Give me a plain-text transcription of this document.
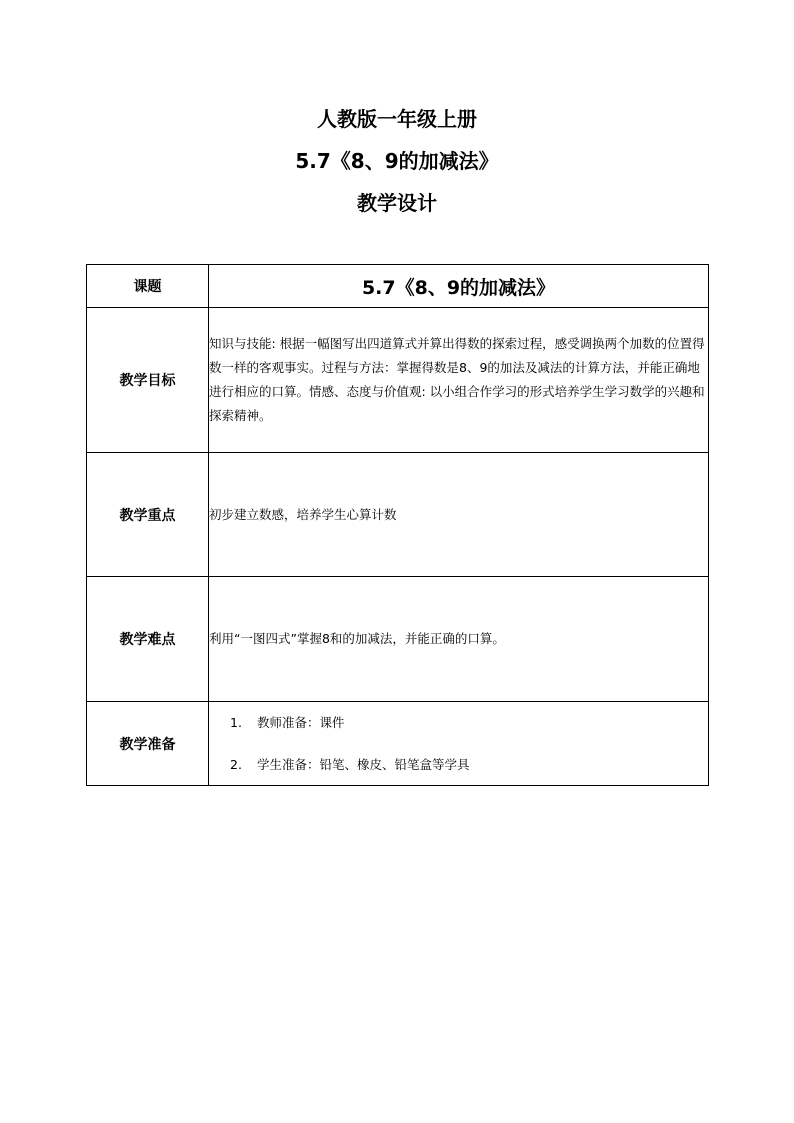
人教版一年级上册
5.7《8、9的加减法》
教学设计
课题	5.7《8、9的加减法》

教学目标	知识与技能: 根据一幅图写出四道算式并算出得数的探索过程，感受调换两个加数的位置得数一样的客观事实。过程与方法：掌握得数是8、9的加法及减法的计算方法，并能正确地进行相应的口算。情感、态度与价值观: 以小组合作学习的形式培养学生学习数学的兴趣和探索精神。

教学重点	初步建立数感，培养学生心算计数

教学难点	利用“一图四式”掌握8和的加减法，并能正确的口算。

教学准备	1. 教师准备：课件
2. 学生准备：铅笔、橡皮、铅笔盒等学具
